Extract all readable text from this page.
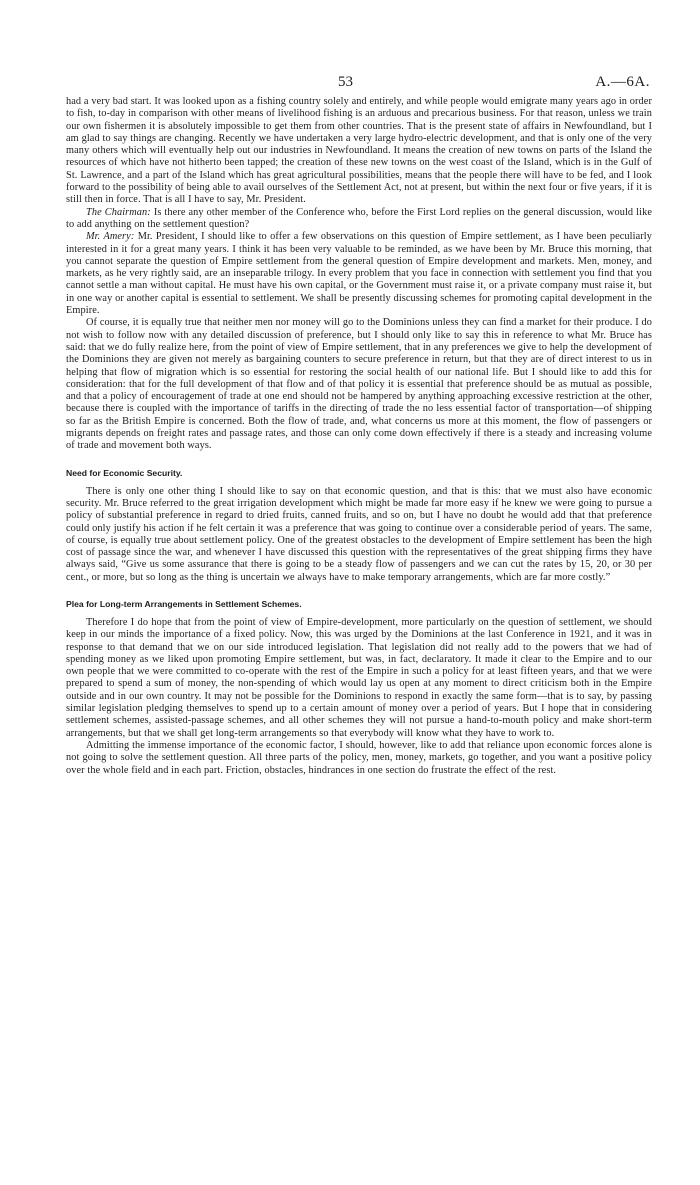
53	A.—6A.

had a very bad start. It was looked upon as a fishing country solely and entirely, and while people would emigrate many years ago in order to fish, to-day in comparison with other means of livelihood fishing is an arduous and precarious business. For that reason, unless we train our own fishermen it is absolutely impossible to get them from other countries. That is the present state of affairs in Newfoundland, but I am glad to say things are changing. Recently we have undertaken a very large hydro-electric development, and that is only one of the very many others which will eventually help out our industries in Newfoundland. It means the creation of new towns on parts of the Island the resources of which have not hitherto been tapped; the creation of these new towns on the west coast of the Island, which is in the Gulf of St. Lawrence, and a part of the Island which has great agricultural possibilities, means that the people there will have to be fed, and I look forward to the possibility of being able to avail ourselves of the Settlement Act, not at present, but within the next four or five years, if it is still then in force. That is all I have to say, Mr. President.

The Chairman: Is there any other member of the Conference who, before the First Lord replies on the general discussion, would like to add anything on the settlement question?

Mr. Amery: Mr. President, I should like to offer a few observations on this question of Empire settlement, as I have been peculiarly interested in it for a great many years. I think it has been very valuable to be reminded, as we have been by Mr. Bruce this morning, that you cannot separate the question of Empire settlement from the general question of Empire development and markets. Men, money, and markets, as he very rightly said, are an inseparable trilogy. In every problem that you face in connection with settlement you find that you cannot settle a man without capital. He must have his own capital, or the Government must raise it, or a private company must raise it, but in one way or another capital is essential to settlement. We shall be presently discussing schemes for promoting capital development in the Empire.

Of course, it is equally true that neither men nor money will go to the Dominions unless they can find a market for their produce. I do not wish to follow now with any detailed discussion of preference, but I should only like to say this in reference to what Mr. Bruce has said: that we do fully realize here, from the point of view of Empire settlement, that in any preferences we give to help the development of the Dominions they are given not merely as bargaining counters to secure preference in return, but that they are of direct interest to us in helping that flow of migration which is so essential for restoring the social health of our national life. But I should like to add this for consideration: that for the full development of that flow and of that policy it is essential that preference should be as mutual as possible, and that a policy of encouragement of trade at one end should not be hampered by anything approaching excessive restriction at the other, because there is coupled with the importance of tariffs in the directing of trade the no less essential factor of transportation—of shipping so far as the British Empire is concerned. Both the flow of trade, and, what concerns us more at this moment, the flow of passengers or migrants depends on freight rates and passage rates, and those can only come down effectively if there is a steady and increasing volume of trade and movement both ways.

Need for Economic Security.

There is only one other thing I should like to say on that economic question, and that is this: that we must also have economic security. Mr. Bruce referred to the great irrigation development which might be made far more easy if he knew we were going to pursue a policy of substantial preference in regard to dried fruits, canned fruits, and so on, but I have no doubt he would add that that preference could only justify his action if he felt certain it was a preference that was going to continue over a considerable period of years. The same, of course, is equally true about settlement policy. One of the greatest obstacles to the development of Empire settlement has been the high cost of passage since the war, and whenever I have discussed this question with the representatives of the great shipping firms they have always said, “Give us some assurance that there is going to be a steady flow of passengers and we can cut the rates by 15, 20, or 30 per cent., or more, but so long as the thing is uncertain we always have to make temporary arrangements, which are far more costly.”

Plea for Long-term Arrangements in Settlement Schemes.

Therefore I do hope that from the point of view of Empire-development, more particularly on the question of settlement, we should keep in our minds the importance of a fixed policy. Now, this was urged by the Dominions at the last Conference in 1921, and it was in response to that demand that we on our side introduced legislation. That legislation did not really add to the powers that we had of spending money as we liked upon promoting Empire settlement, but was, in fact, declaratory. It made it clear to the Empire and to our own people that we were committed to co-operate with the rest of the Empire in such a policy for at least fifteen years, and that we were prepared to spend a sum of money, the non-spending of which would lay us open at any moment to direct criticism both in the Empire outside and in our own country. It may not be possible for the Dominions to respond in exactly the same form—that is to say, by passing similar legislation pledging themselves to spend up to a certain amount of money over a period of years. But I hope that in considering settlement schemes, assisted-passage schemes, and all other schemes they will not pursue a hand-to-mouth policy and make short-term arrangements, but that we shall get long-term arrangements so that everybody will know what they have to work to.

Admitting the immense importance of the economic factor, I should, however, like to add that reliance upon economic forces alone is not going to solve the settlement question. All three parts of the policy, men, money, markets, go together, and you want a positive policy over the whole field and in each part. Friction, obstacles, hindrances in one section do frustrate the effect of the rest.
